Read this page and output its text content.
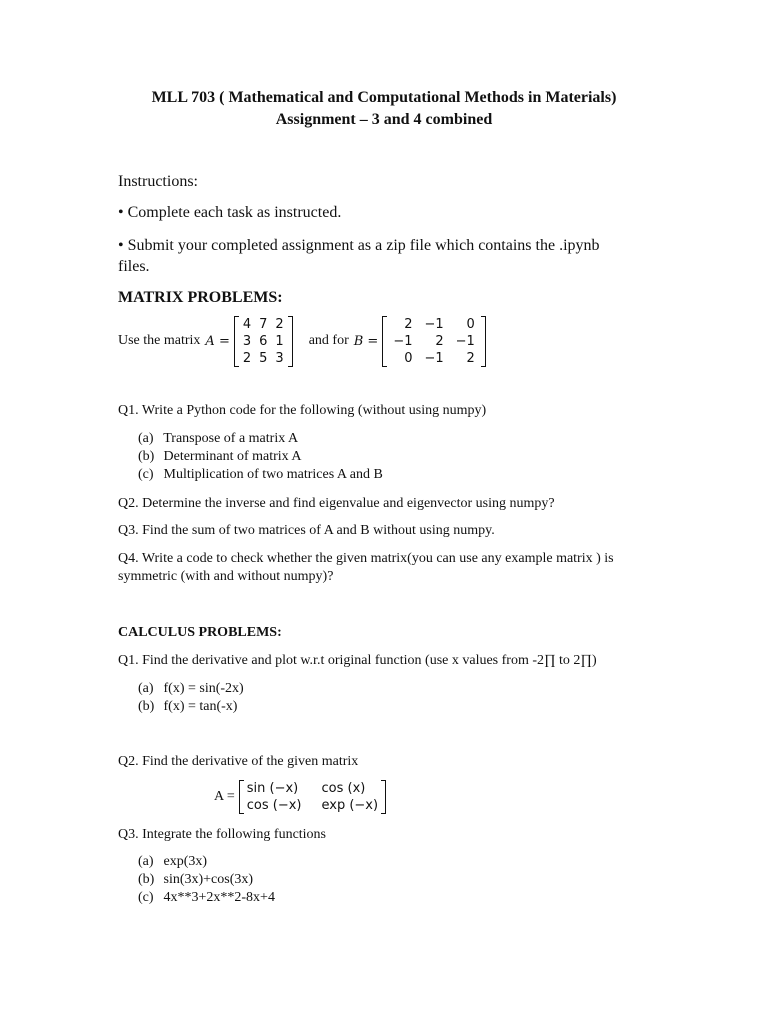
MLL 703 ( Mathematical and Computational Methods in Materials)
Assignment – 3 and 4 combined
Instructions:
• Complete each task as instructed.
• Submit your completed assignment as a zip file which contains the .ipynb
files.
MATRIX PROBLEMS:
Use the matrix A =
4	7	2
3	6	1
2	5	3
and for B =
2	−1	0
−1	2	−1
0	−1	2
Q1. Write a Python code for the following (without using numpy)
(a) Transpose of a matrix A
(b) Determinant of matrix A
(c) Multiplication of two matrices A and B
Q2. Determine the inverse and find eigenvalue and eigenvector using numpy?
Q3. Find the sum of two matrices of A and B without using numpy.
Q4. Write a code to check whether the given matrix(you can use any example matrix ) is
symmetric (with and without numpy)?
CALCULUS PROBLEMS:
Q1. Find the derivative and plot w.r.t original function (use x values from -2∏ to 2∏)
(a) f(x) = sin(-2x)
(b) f(x) = tan(-x)
Q2. Find the derivative of the given matrix
A =
sin (−x)	cos (x)
cos (−x)	exp (−x)
Q3. Integrate the following functions
(a) exp(3x)
(b) sin(3x)+cos(3x)
(c) 4x**3+2x**2-8x+4
